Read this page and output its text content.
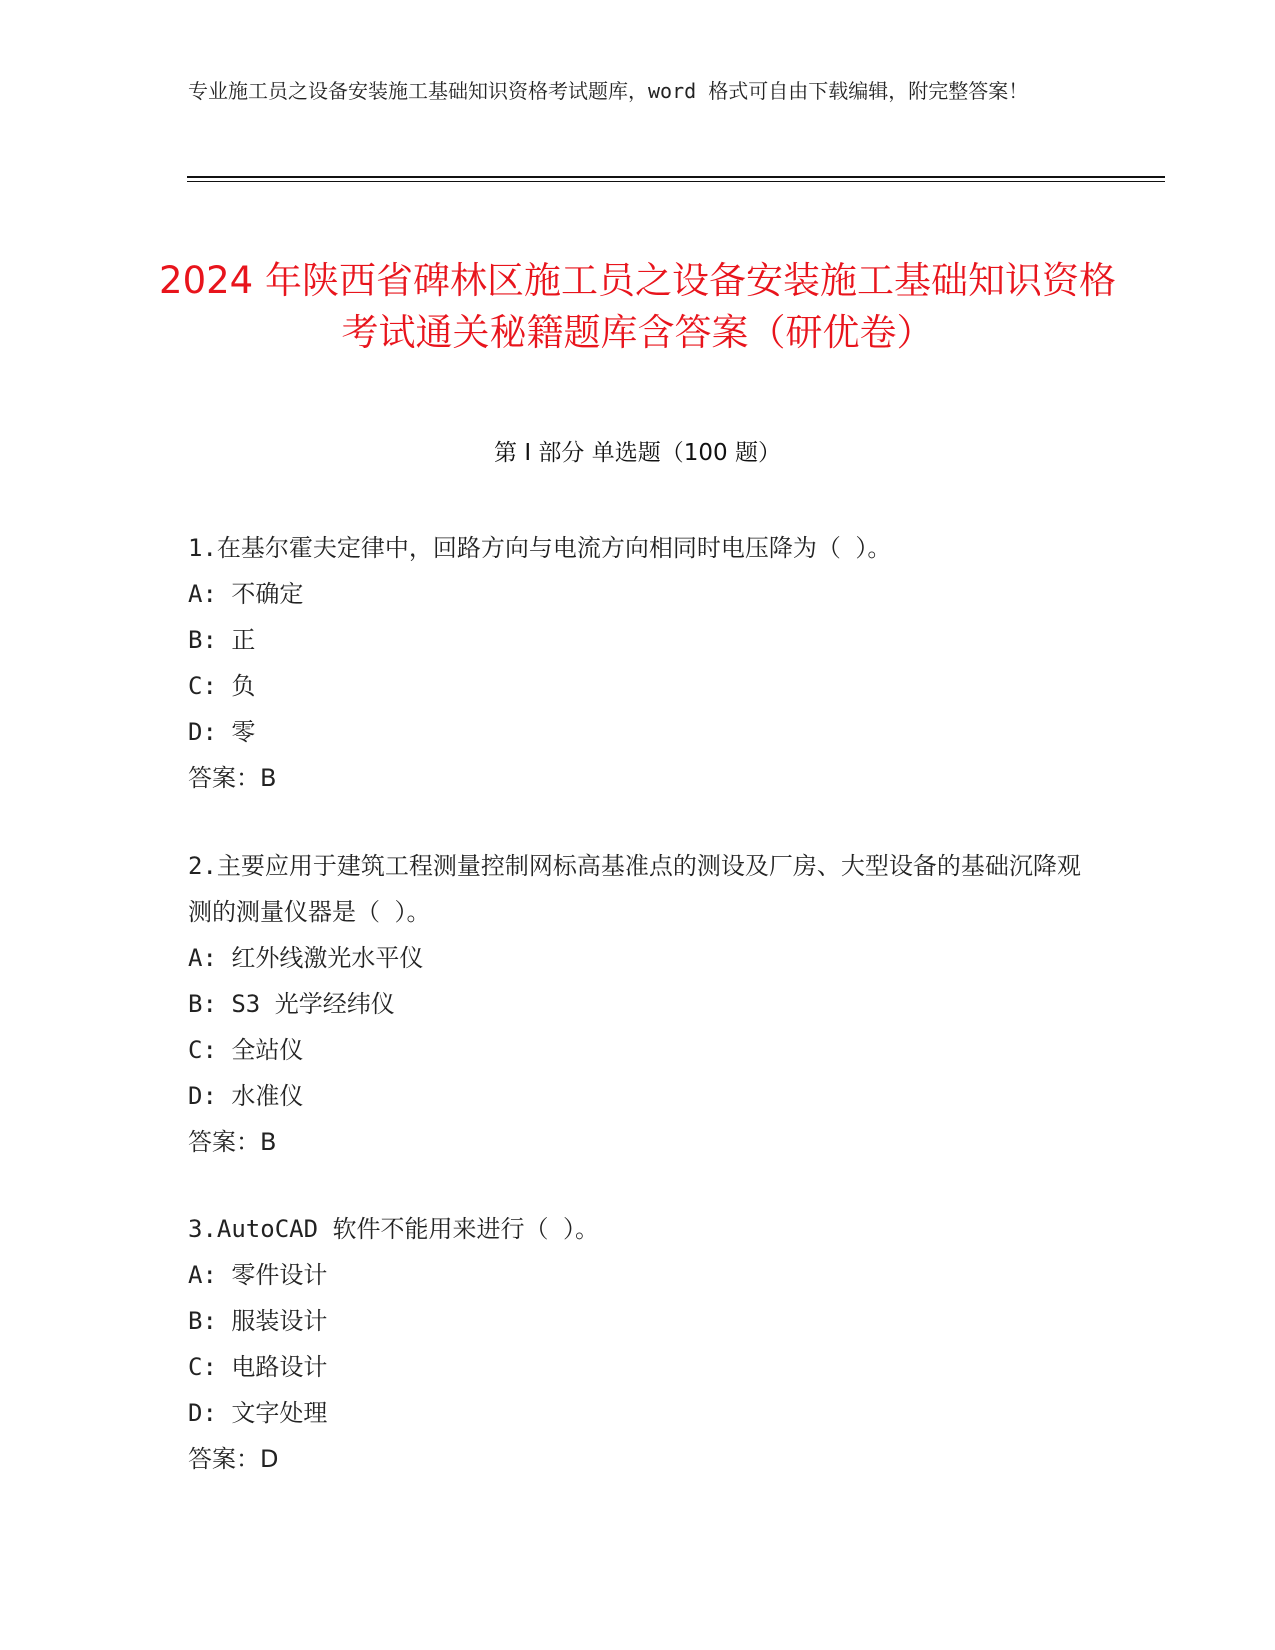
专业施工员之设备安装施工基础知识资格考试题库，word 格式可自由下载编辑，附完整答案！
2024 年陕西省碑林区施工员之设备安装施工基础知识资格考试通关秘籍题库含答案（研优卷）
第 I 部分 单选题（100 题）

1.在基尔霍夫定律中，回路方向与电流方向相同时电压降为（ ）。

A: 不确定

B: 正

C: 负

D: 零

答案：B

2.主要应用于建筑工程测量控制网标高基准点的测设及厂房、大型设备的基础沉降观测的测量仪器是（ ）。

A: 红外线激光水平仪

B: S3 光学经纬仪

C: 全站仪

D: 水准仪

答案：B

3.AutoCAD 软件不能用来进行（ ）。

A: 零件设计

B: 服装设计

C: 电路设计

D: 文字处理

答案：D
